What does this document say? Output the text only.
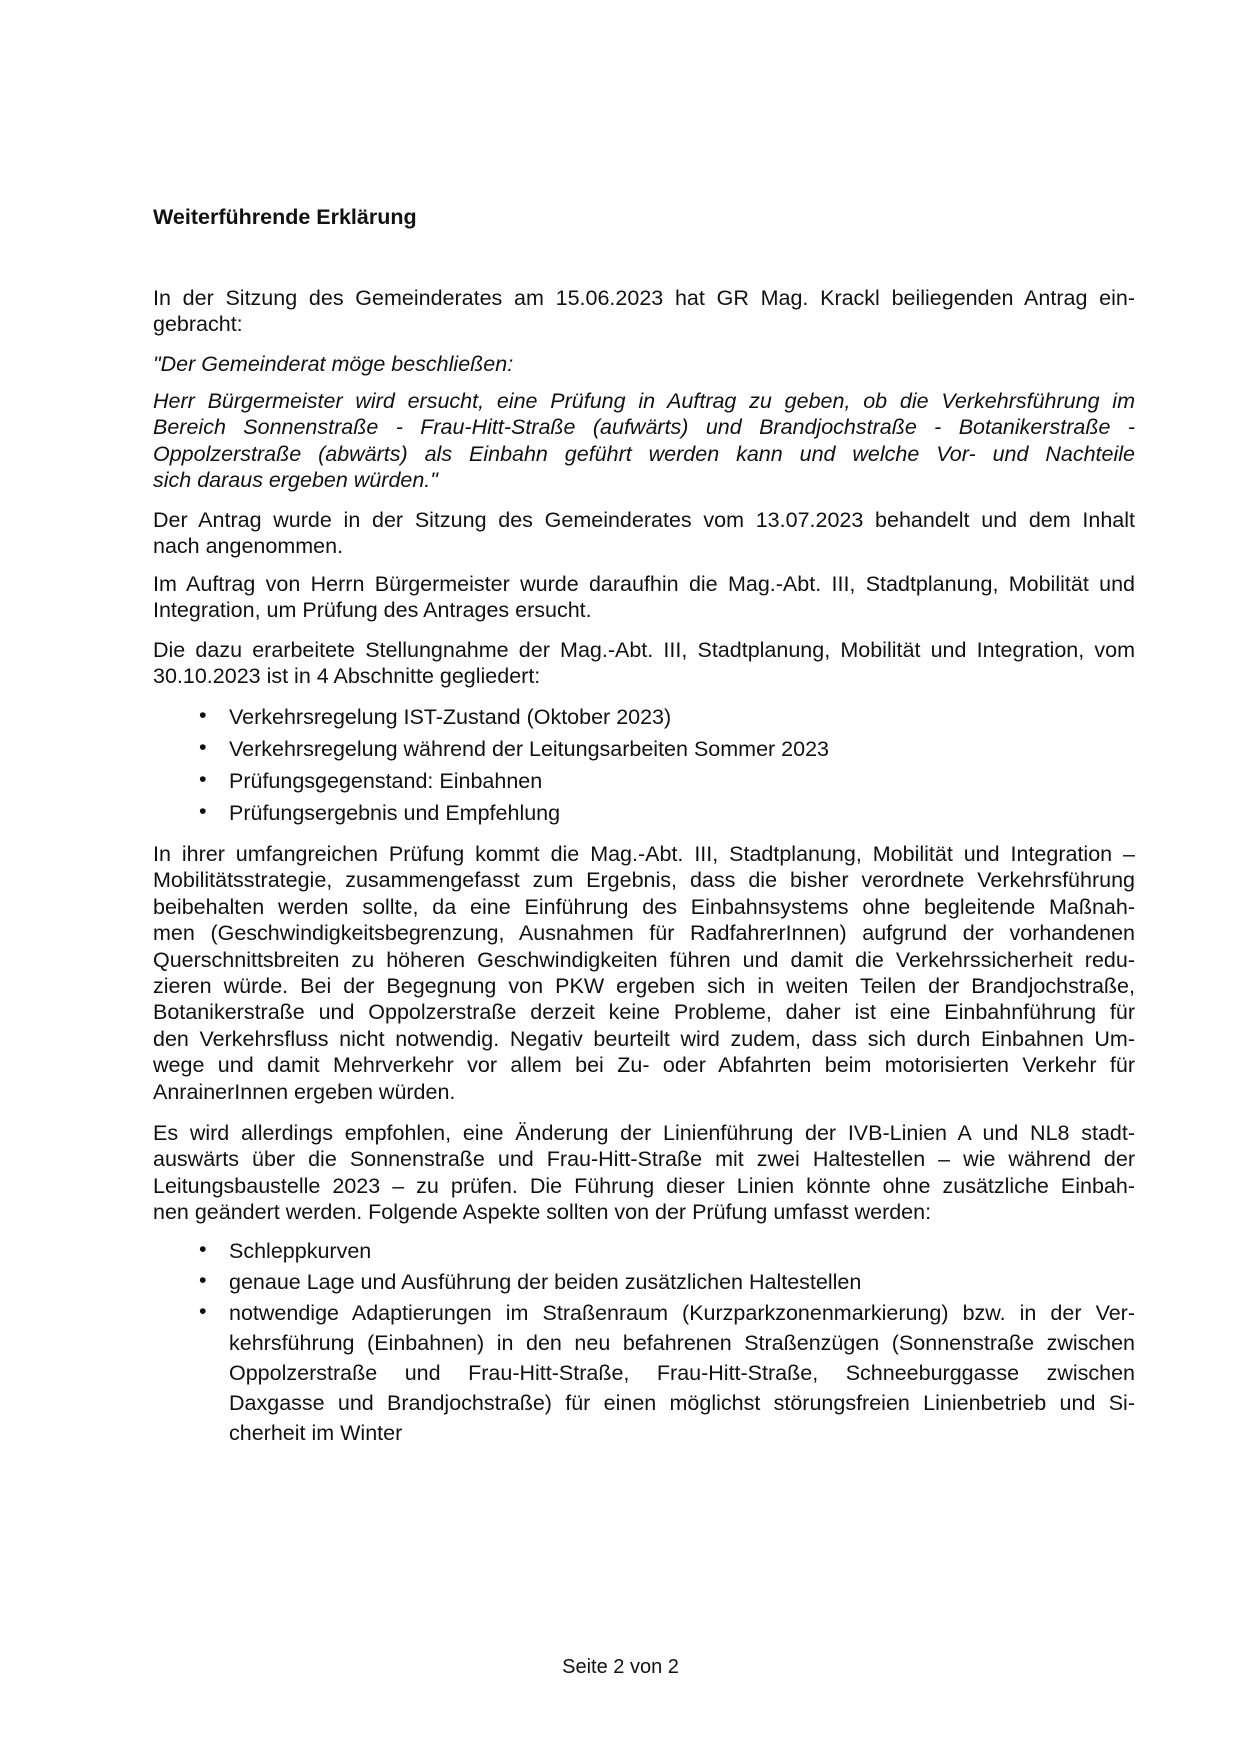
Weiterführende Erklärung
In der Sitzung des Gemeinderates am 15.06.2023 hat GR Mag. Krackl beiliegenden Antrag ein-
gebracht:
"Der Gemeinderat möge beschließen:
Herr Bürgermeister wird ersucht, eine Prüfung in Auftrag zu geben, ob die Verkehrsführung im
Bereich Sonnenstraße - Frau-Hitt-Straße (aufwärts) und Brandjochstraße - Botanikerstraße -
Oppolzerstraße (abwärts) als Einbahn geführt werden kann und welche Vor- und Nachteile
sich daraus ergeben würden."
Der Antrag wurde in der Sitzung des Gemeinderates vom 13.07.2023 behandelt und dem Inhalt
nach angenommen.
Im Auftrag von Herrn Bürgermeister wurde daraufhin die Mag.-Abt. III, Stadtplanung, Mobilität und
Integration, um Prüfung des Antrages ersucht.
Die dazu erarbeitete Stellungnahme der Mag.-Abt. III, Stadtplanung, Mobilität und Integration, vom
30.10.2023 ist in 4 Abschnitte gegliedert:
• Verkehrsregelung IST-Zustand (Oktober 2023)
• Verkehrsregelung während der Leitungsarbeiten Sommer 2023
• Prüfungsgegenstand: Einbahnen
• Prüfungsergebnis und Empfehlung
In ihrer umfangreichen Prüfung kommt die Mag.-Abt. III, Stadtplanung, Mobilität und Integration –
Mobilitätsstrategie, zusammengefasst zum Ergebnis, dass die bisher verordnete Verkehrsführung
beibehalten werden sollte, da eine Einführung des Einbahnsystems ohne begleitende Maßnah-
men (Geschwindigkeitsbegrenzung, Ausnahmen für RadfahrerInnen) aufgrund der vorhandenen
Querschnittsbreiten zu höheren Geschwindigkeiten führen und damit die Verkehrssicherheit redu-
zieren würde. Bei der Begegnung von PKW ergeben sich in weiten Teilen der Brandjochstraße,
Botanikerstraße und Oppolzerstraße derzeit keine Probleme, daher ist eine Einbahnführung für
den Verkehrsfluss nicht notwendig. Negativ beurteilt wird zudem, dass sich durch Einbahnen Um-
wege und damit Mehrverkehr vor allem bei Zu- oder Abfahrten beim motorisierten Verkehr für
AnrainerInnen ergeben würden.
Es wird allerdings empfohlen, eine Änderung der Linienführung der IVB-Linien A und NL8 stadt-
auswärts über die Sonnenstraße und Frau-Hitt-Straße mit zwei Haltestellen – wie während der
Leitungsbaustelle 2023 – zu prüfen. Die Führung dieser Linien könnte ohne zusätzliche Einbah-
nen geändert werden. Folgende Aspekte sollten von der Prüfung umfasst werden:
• Schleppkurven
• genaue Lage und Ausführung der beiden zusätzlichen Haltestellen
• notwendige Adaptierungen im Straßenraum (Kurzparkzonenmarkierung) bzw. in der Ver-
kehrsführung (Einbahnen) in den neu befahrenen Straßenzügen (Sonnenstraße zwischen
Oppolzerstraße und Frau-Hitt-Straße, Frau-Hitt-Straße, Schneeburggasse zwischen
Daxgasse und Brandjochstraße) für einen möglichst störungsfreien Linienbetrieb und Si-
cherheit im Winter
Seite 2 von 2
